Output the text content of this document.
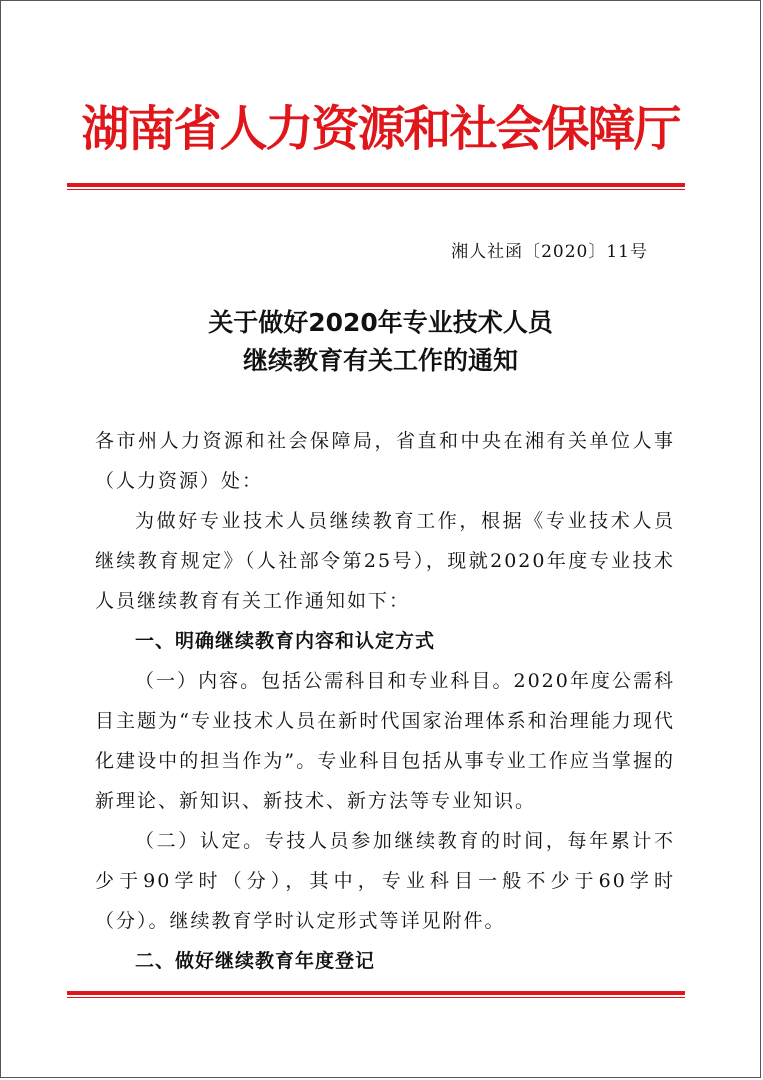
湖南省人力资源和社会保障厅
湘人社函〔2020〕11号
关于做好2020年专业技术人员
继续教育有关工作的通知

各市州人力资源和社会保障局，省直和中央在湘有关单位人事（人力资源）处：

为做好专业技术人员继续教育工作，根据《专业技术人员继续教育规定》（人社部令第25号），现就2020年度专业技术人员继续教育有关工作通知如下：

一、明确继续教育内容和认定方式

（一）内容。包括公需科目和专业科目。2020年度公需科目主题为“专业技术人员在新时代国家治理体系和治理能力现代化建设中的担当作为”。专业科目包括从事专业工作应当掌握的新理论、新知识、新技术、新方法等专业知识。

（二）认定。专技人员参加继续教育的时间，每年累计不少于90学时（分），其中，专业科目一般不少于60学时（分）。继续教育学时认定形式等详见附件。

二、做好继续教育年度登记
